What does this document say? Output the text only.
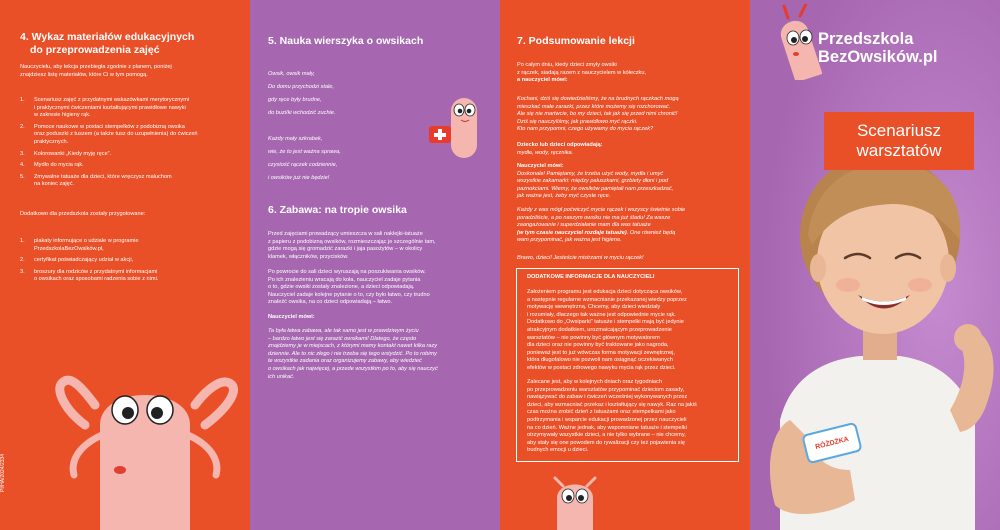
4. Wykaz materiałów edukacyjnych
do przeprowadzenia zajęć
Nauczycielu, aby lekcja przebiegła zgodnie z planem, poniżej
znajdziesz listę materiałów, które Ci w tym pomogą.
1. Scenariusz zajęć z przydatnymi wskazówkami merytorycznymi
i praktycznymi ćwiczeniami kształtującymi prawidłowe nawyki
w zakresie higieny rąk.
2. Pomoce naukowe w postaci stempelków z podobizną owsika
oraz poduszki z tuszem (a także tusz do uzupełnienia) do ćwiczeń
praktycznych.
3. Kolorowanki „Kiedy myję ręce".
4. Mydło do mycia rąk.
5. Zmywalne tatuaże dla dzieci, które wręczysz maluchom
na koniec zajęć.
Dodatkowo dla przedszkola zostały przygotowane:
1. plakaty informujące o udziale w programie
PrzedszkolaBezOwsików.pl,
2. certyfikat poświadczający udział w akcji,
3. broszury dla rodziców z przydatnymi informacjami
o owsikach oraz sposobami radzenia sobie z nimi.
PI/HA/2024/2334
5. Nauka wierszyka o owsikach
Owsik, owsik mały,
Do domu przychodzi stale,
gdy ręce były brudne,
do buzi/ki wchodzić zuchie.

Każdy mały szkrabek,
wie, że to jest ważna sprawa,
czystość rączek codziennie,
i owsików już nie będzie!
6. Zabawa: na tropie owsika
Przed zajęciami prowadzący umieszcza w sali naklejki-tatuaże
z papieru z podobizną owsików, rozmieszczając je szczególnie tam,
gdzie mogą się gromadzić zarazki i jaja pasożytów – w okolicy
klamek, włączników, przycisków.
Po powrocie do sali dzieci wyruszają na poszukiwania owsików.
Po ich znalezieniu wracają do koła, nauczyciel zadaje pytania
o to, gdzie owsiki zostały znalezione, a dzieci odpowiadają.
Nauczyciel zadaje kolejne pytanie o to, czy było łatwo, czy trudno
znaleźć owsika, na co dzieci odpowiadają – łatwo.
Nauczyciel mówi:
Ta była łatwa zabawa, ale tak samo jest w prawdziwym życiu
– bardzo łatwo jest się zarazić owsikami! Dlatego, że często
znajdziemy je w miejscach, z którymi mamy kontakt nawet kilka razy
dziennie. Ale to nic złego i nie trzeba się tego wstydzić. Po to robimy
te wszystkie zadania oraz organizujemy zabawy, aby wiedzieć
o owsikach jak najwięcej, a przede wszystkim po to, aby się nauczyć
ich unikać.
7. Podsumowanie lekcji
Po całym dniu, kiedy dzieci zmyły owsiki
z rączek, siadają razem z nauczycielem w kółeczku,
a nauczyciel mówi:
Kochani, dziś się dowiedzieliśmy, że na brudnych rączkach mogą
mieszkać małe zarazki, przez które możemy się rozchorować.
Ale się nie martwcie, bo my dzieci, tak jak się przed nimi chronić!
Dziś się nauczyliśmy, jak prawidłowo myć rączki.
Kto nam przypomni, czego używamy do mycia rączek?
Dziecko lub dzieci odpowiadają:
mydła, wody, ręcznika.
Nauczyciel mówi:
Doskonale! Pamiętamy, że trzeba użyć wody, mydła i umyć
wszystkie zakamarki: między paluszkami, grzbiety dłoni i pod
paznokciami. Wiemy, że owsików pamiętali nam przeszkadzać,
jak ważne jest, żeby myć czyste ręce.
Każdy z was mógł poćwiczyć mycie rączek i wszyscy świetnie sobie
poradziliście, a po naszym owsiku nie ma już śladu! Za wasze
zaangażowanie i superdziałanie mam dla was tatuaże
(w tym czasie nauczyciel rozdaje tatuaże). One również będą
wam przypominać, jak ważna jest higiena.
Brawo, dzieci! Jesteście mistrzami w myciu rączek!
DODATKOWE INFORMACJE DLA NAUCZYCIELI
Założeniem programu jest edukacja dzieci dotycząca owsików,
a następnie regularne wzmacnianie przekazanej wiedzy poprzez
motywację wewnętrzną. Chcemy, aby dzieci wiedziały
i rozumiały, dlaczego tak ważne jest odpowiednie mycie rąk.
Dodatkowo do „Owsiparki" tatuaże i stempelki mają być jedynie
atrakcyjnym dodatkiem, urozmaicającym przeprowadzenie
warsztatów – nie powinny być głównym motywatorem
dla dzieci oraz nie powinny być traktowane jako nagroda,
ponieważ jest to już wówczas forma motywacji zewnętrznej,
która długofalowo nie pozwoli nam osiągnąć oczekiwanych
efektów w postaci zdrowego nawyku mycia rąk przez dzieci.
Zalecane jest, aby w kolejnych dniach oraz tygodniach
po przeprowadzeniu warsztatów przypominać dzieciom zasady,
nawiązywać do zabaw i ćwiczeń wcześniej wykonywanych przez
dzieci, aby wzmacniać przekaz i kształtujący się nawyk. Raz na jakiś
czas można zrobić dzień z tatuażami oraz stempelkami jako
podtrzymania i wsparcie edukacji prowadzonej przez nauczycieli
na co dzień. Ważne jednak, aby wspomniane tatuaże i stempelki
otrzymywały wszystkie dzieci, a nie tylko wybrane – nie chcemy,
aby stały się one powodem do rywalizacji czy też pojawienia się
trudnych emocji u dzieci.	RÓŻDŻKA
Przedszkola
BezOwsików.pl
Scenariusz
warsztatów
